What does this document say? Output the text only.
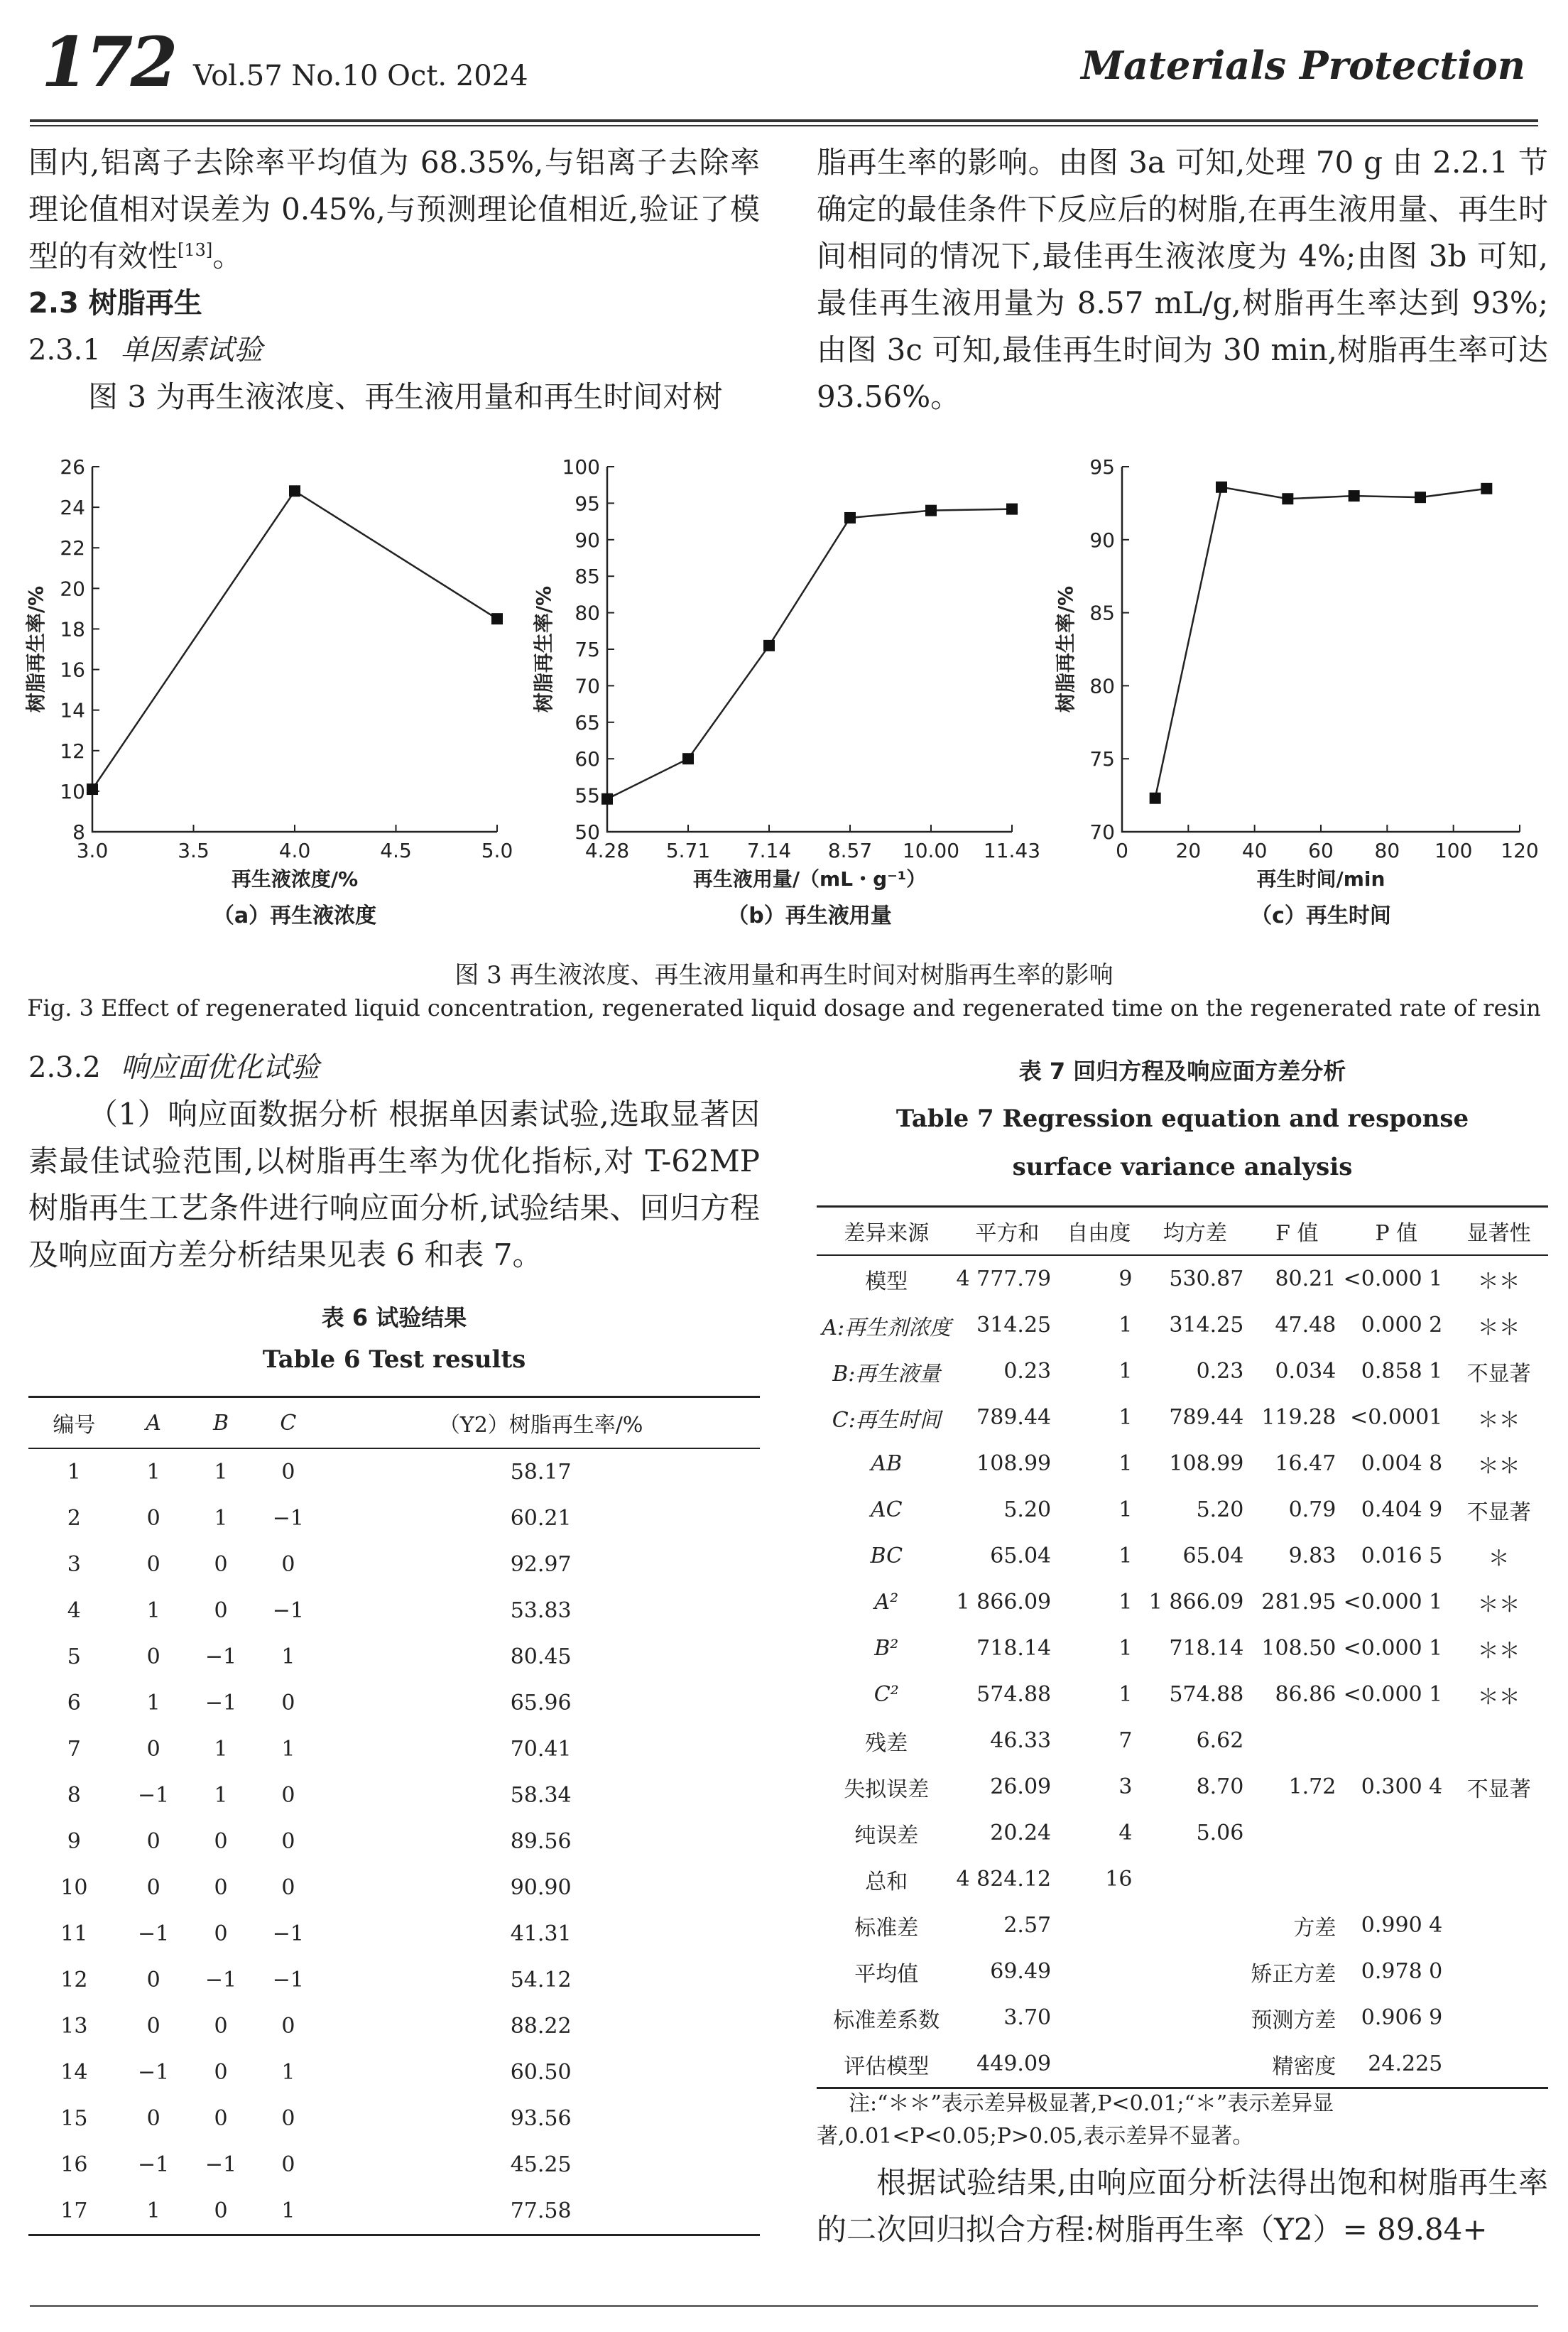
172 Vol.57 No.10 Oct. 2024	Materials Protection

围内,铝离子去除率平均值为 68.35%,与铝离子去除率理论值相对误差为 0.45%,与预测理论值相近,验证了模型的有效性[13]。

2.3 树脂再生

2.3.1 单因素试验

图 3 为再生液浓度、再生液用量和再生时间对树

脂再生率的影响。由图 3a 可知,处理 70 g 由 2.2.1 节确定的最佳条件下反应后的树脂,在再生液用量、再生时间相同的情况下,最佳再生液浓度为 4%;由图 3b 可知,最佳再生液用量为 8.57 mL/g,树脂再生率达到 93%;由图 3c 可知,最佳再生时间为 30 min,树脂再生率可达 93.56%。

8
10
12
14
16
18
20
22
24
26
3.0	3.5	4.0	4.5	5.0
再生液浓度/%
树脂再生率/%
（a）再生液浓度
50
55
60
65
70
75
80
85
90
95
100
4.28 5.71 7.14 8.57 10.00 11.43
再生液用量/（mL・g⁻¹）
树脂再生率/%
（b）再生液用量
70
75
80
85
90
95
0 20 40 60 80 100 120
再生时间/min
树脂再生率/%
（c）再生时间
图 3 再生液浓度、再生液用量和再生时间对树脂再生率的影响
Fig. 3 Effect of regenerated liquid concentration, regenerated liquid dosage and regenerated time on the regenerated rate of resin

2.3.2 响应面优化试验

（1）响应面数据分析 根据单因素试验,选取显著因素最佳试验范围,以树脂再生率为优化指标,对 T-62MP树脂再生工艺条件进行响应面分析,试验结果、回归方程及响应面方差分析结果见表 6 和表 7。

表 6 试验结果
Table 6 Test results
编号	A	B	C	（Y2）树脂再生率/%
1	1	1	0	58.17
2	0	1	−1	60.21
3	0	0	0	92.97
4	1	0	−1	53.83
5	0	−1	1	80.45
6	1	−1	0	65.96
7	0	1	1	70.41
8	−1	1	0	58.34
9	0	0	0	89.56
10	0	0	0	90.90
11	−1	0	−1	41.31
12	0	−1	−1	54.12
13	0	0	0	88.22
14	−1	0	1	60.50
15	0	0	0	93.56
16	−1	−1	0	45.25
17	1	0	1	77.58
表 7 回归方程及响应面方差分析
Table 7 Regression equation and response
surface variance analysis
差异来源	平方和	自由度	均方差	F 值	P 值	显著性
模型	4 777.79	9	530.87	80.21	<0.000 1	＊＊
A:再生剂浓度	314.25	1	314.25	47.48	0.000 2	＊＊
B:再生液量	0.23	1	0.23	0.034	0.858 1	不显著
C:再生时间	789.44	1	789.44	119.28	<0.0001	＊＊
AB	108.99	1	108.99	16.47	0.004 8	＊＊
AC	5.20	1	5.20	0.79	0.404 9	不显著
BC	65.04	1	65.04	9.83	0.016 5	＊
A²	1 866.09	1	1 866.09	281.95	<0.000 1	＊＊
B²	718.14	1	718.14	108.50	<0.000 1	＊＊
C²	574.88	1	574.88	86.86	<0.000 1	＊＊
残差	46.33	7	6.62			
失拟误差	26.09	3	8.70	1.72	0.300 4	不显著
纯误差	20.24	4	5.06			
总和	4 824.12	16				
标准差	2.57			方差	0.990 4	
平均值	69.49			矫正方差	0.978 0	
标准差系数	3.70			预测方差	0.906 9	
评估模型	449.09			精密度	24.225	
注:“＊＊”表示差异极显著,P<0.01;“＊”表示差异显著,0.01<P<0.05;P>0.05,表示差异不显著。

根据试验结果,由响应面分析法得出饱和树脂再生率的二次回归拟合方程:树脂再生率（Y2）= 89.84+
